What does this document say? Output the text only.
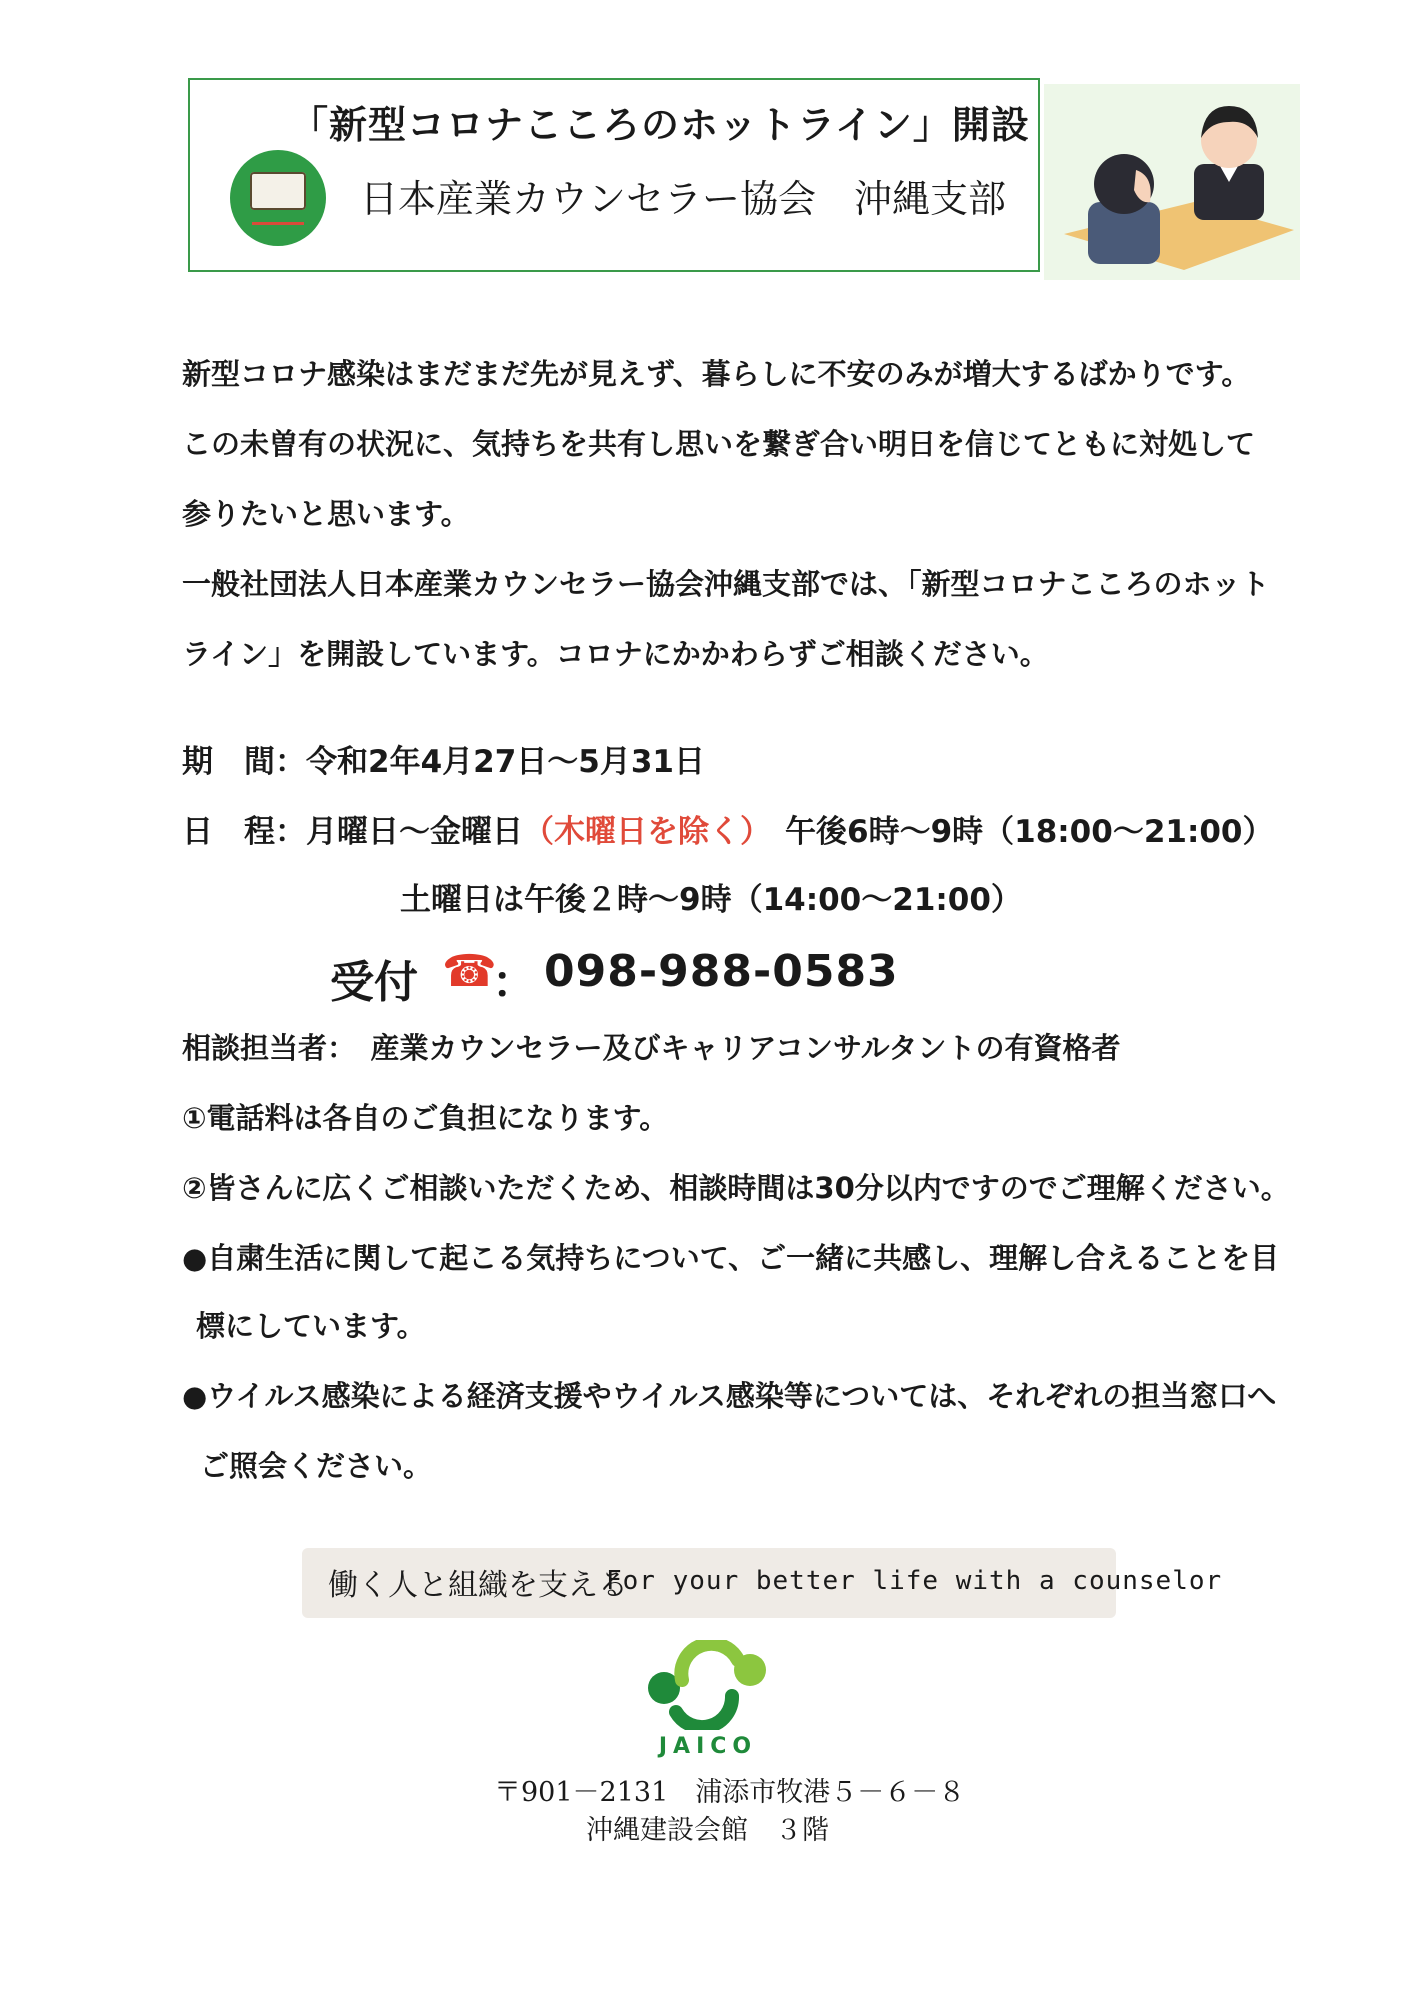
「新型コロナこころのホットライン」開設
日本産業カウンセラー協会　沖縄支部
新型コロナ感染はまだまだ先が見えず、暮らしに不安のみが増大するばかりです。
この未曽有の状況に、気持ちを共有し思いを繋ぎ合い明日を信じてともに対処して
参りたいと思います。
一般社団法人日本産業カウンセラー協会沖縄支部では、「新型コロナこころのホット
ライン」を開設しています。コロナにかかわらずご相談ください。
期　間：令和2年4月27日～5月31日
日　程：月曜日～金曜日（木曜日を除く） 午後6時～9時（18:00～21:00）
土曜日は午後２時～9時（14:00～21:00）
受付 ☎
： 098-988-0583
相談担当者：　産業カウンセラー及びキャリアコンサルタントの有資格者
①電話料は各自のご負担になります。
②皆さんに広くご相談いただくため、相談時間は30分以内ですのでご理解ください。
●自粛生活に関して起こる気持ちについて、ご一緒に共感し、理解し合えることを目
標にしています。
●ウイルス感染による経済支援やウイルス感染等については、それぞれの担当窓口へ
ご照会ください。
働く人と組織を支える
For your better life with a counselor
JAICO
〒901－2131　浦添市牧港５－６－８
沖縄建設会館　３階
